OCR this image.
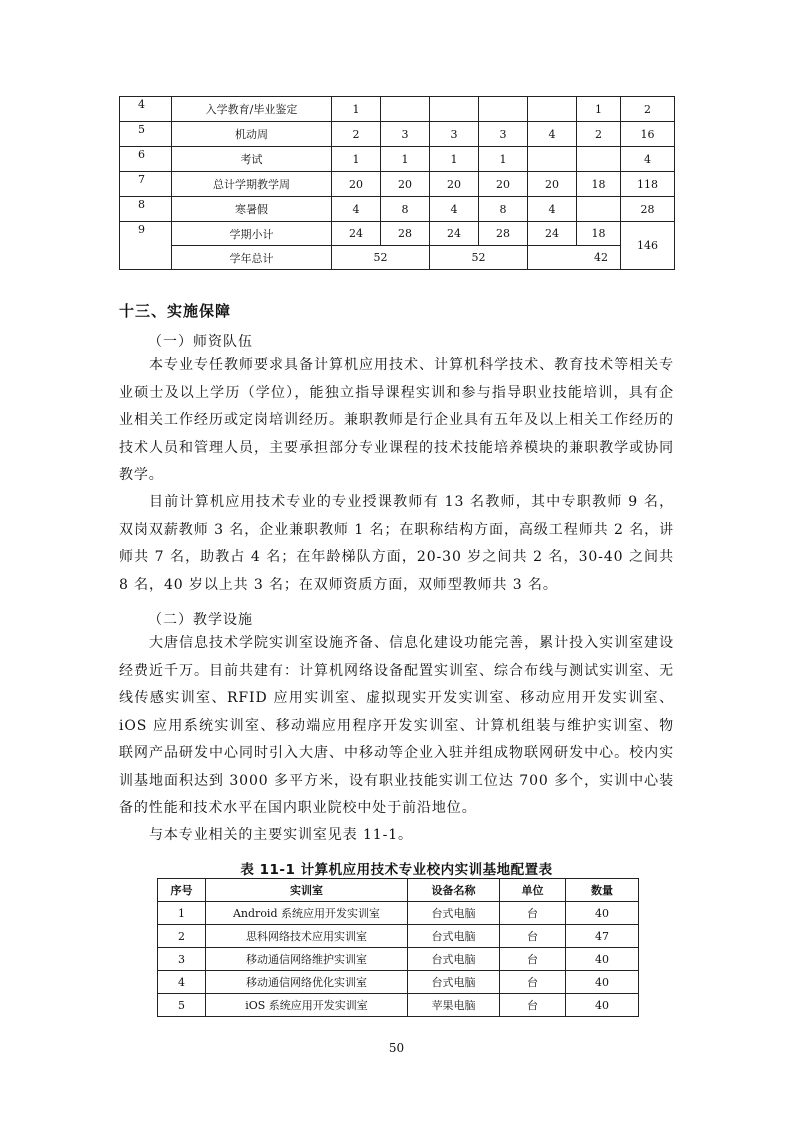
4	入学教育/毕业鉴定	1					1	2
5	机动周	2	3	3	3	4	2	16
6	考试	1	1	1	1			4
7	总计学期教学周	20	20	20	20	20	18	118
8	寒暑假	4	8	4	8	4		28
9	学期小计	24	28	24	28	24	18	146
	学年总计	52		52		42		
十三、实施保障
（一）师资队伍

本专业专任教师要求具备计算机应用技术、计算机科学技术、教育技术等相关专业硕士及以上学历（学位），能独立指导课程实训和参与指导职业技能培训，具有企业相关工作经历或定岗培训经历。兼职教师是行企业具有五年及以上相关工作经历的技术人员和管理人员，主要承担部分专业课程的技术技能培养模块的兼职教学或协同教学。

目前计算机应用技术专业的专业授课教师有 13 名教师，其中专职教师 9 名，双岗双薪教师 3 名，企业兼职教师 1 名；在职称结构方面，高级工程师共 2 名，讲师共 7 名，助教占 4 名；在年龄梯队方面，20-30 岁之间共 2 名，30-40 之间共 8 名，40 岁以上共 3 名；在双师资质方面，双师型教师共 3 名。

（二）教学设施

大唐信息技术学院实训室设施齐备、信息化建设功能完善，累计投入实训室建设经费近千万。目前共建有：计算机网络设备配置实训室、综合布线与测试实训室、无线传感实训室、RFID 应用实训室、虚拟现实开发实训室、移动应用开发实训室、iOS 应用系统实训室、移动端应用程序开发实训室、计算机组装与维护实训室、物联网产品研发中心同时引入大唐、中移动等企业入驻并组成物联网研发中心。校内实训基地面积达到 3000 多平方米，设有职业技能实训工位达 700 多个，实训中心装备的性能和技术水平在国内职业院校中处于前沿地位。

与本专业相关的主要实训室见表 11-1。

表 11-1 计算机应用技术专业校内实训基地配置表
序号	实训室	设备名称	单位	数量
1	Android 系统应用开发实训室	台式电脑	台	40
2	思科网络技术应用实训室	台式电脑	台	47
3	移动通信网络维护实训室	台式电脑	台	40
4	移动通信网络优化实训室	台式电脑	台	40
5	iOS 系统应用开发实训室	苹果电脑	台	40
50
